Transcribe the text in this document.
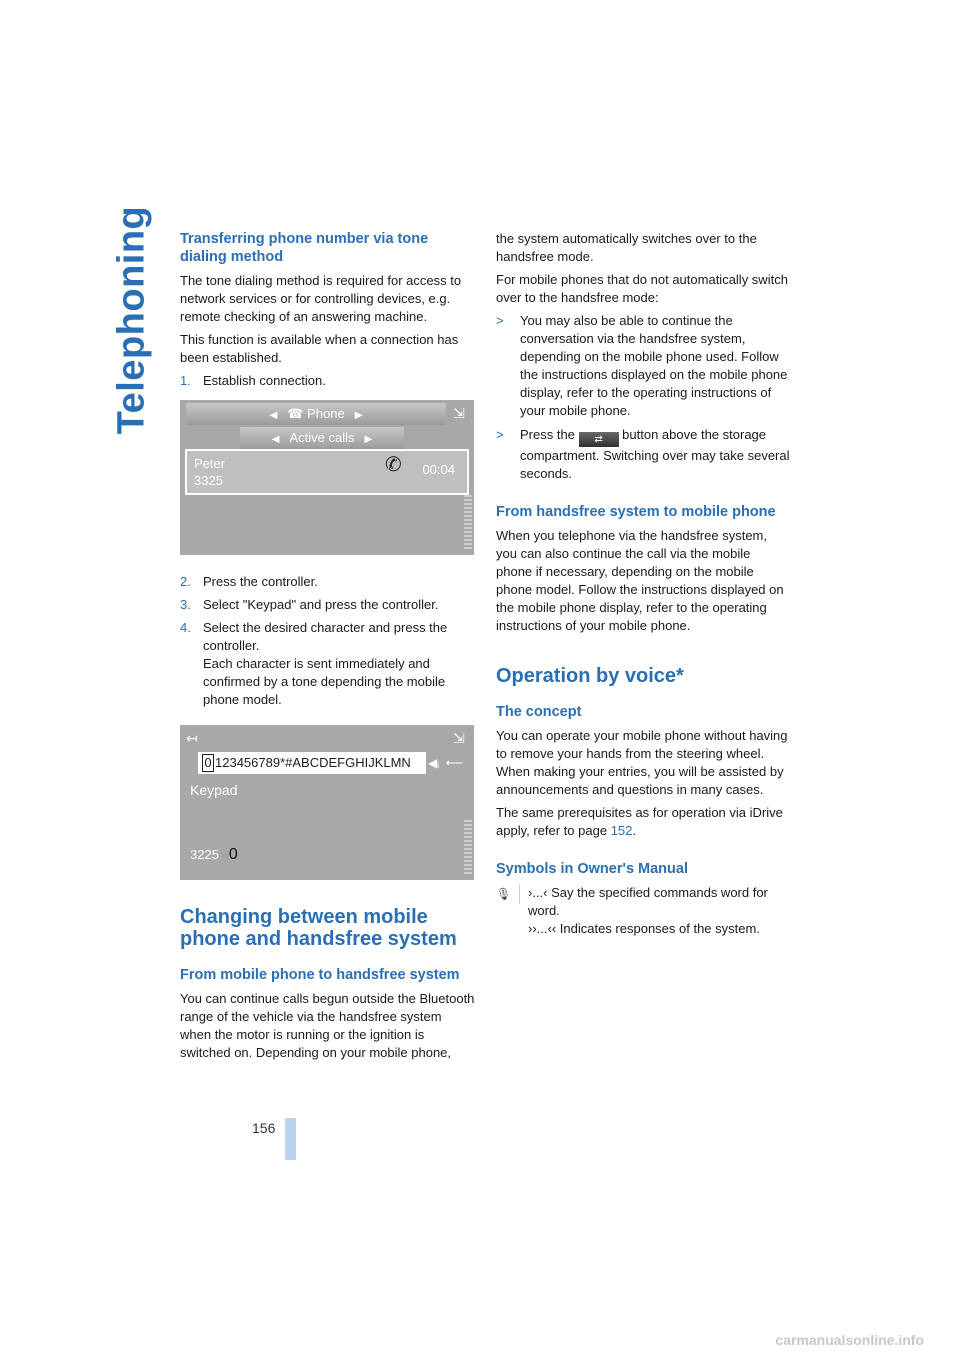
Telephoning Transferring phone number via tone dialing method

The tone dialing method is required for access to network services or for controlling devices, e.g. remote checking of an answering machine.

This function is available when a connection has been established.

1. Establish connection.
◀ ☎ Phone ▶	⇲
◀ Active calls ▶
Peter
3325
✆	00:04
2. Press the controller.
3. Select "Keypad" and press the controller.
4. Select the desired character and press the controller.
Each character is sent immediately and confirmed by a tone depending the mobile phone model.
↤	⇲
0 123456789*#ABCDEFGHIJKLMN	◀ᵢ  ⟵
Keypad
3225 0
Changing between mobile phone and handsfree system
From mobile phone to handsfree system

You can continue calls begun outside the Bluetooth range of the vehicle via the handsfree system when the motor is running or the ignition is switched on. Depending on your mobile phone,

the system automatically switches over to the handsfree mode.

For mobile phones that do not automatically switch over to the handsfree mode:

>	You may also be able to continue the conversation via the handsfree system, depending on the mobile phone used. Follow the instructions displayed on the mobile phone display, refer to the operating instructions of your mobile phone.
>	Press the ⇄ button above the storage compartment. Switching over may take several seconds.
From handsfree system to mobile phone

When you telephone via the handsfree system, you can also continue the call via the mobile phone if necessary, depending on the mobile phone model. Follow the instructions displayed on the mobile phone display, refer to the operating instructions of your mobile phone.

Operation by voice*
The concept

You can operate your mobile phone without having to remove your hands from the steering wheel. When making your entries, you will be assisted by announcements and questions in many cases.

The same prerequisites as for operation via iDrive apply, refer to page 152.

Symbols in Owner's Manual
🎙	›...‹ Say the specified commands word for word.
››...‹‹ Indicates responses of the system.
156
carmanualsonline.info
